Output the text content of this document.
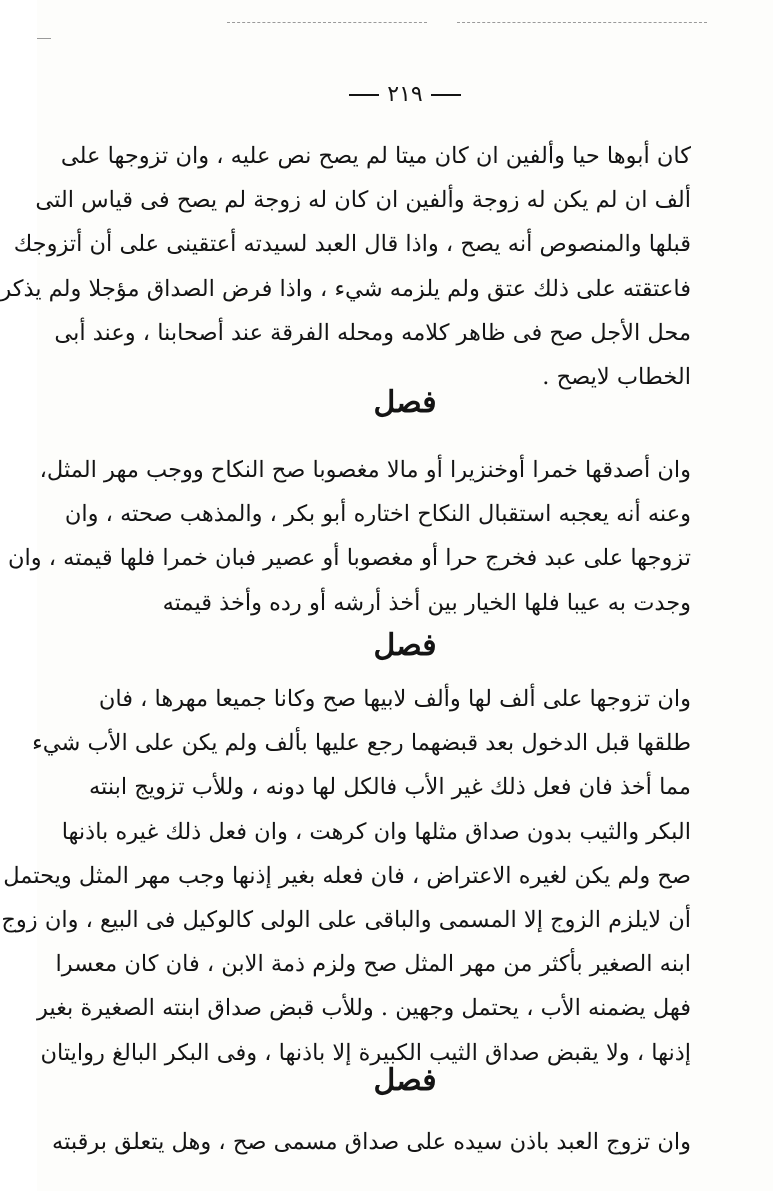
٢١٩
كان أبوها حيا وألفين ان كان ميتا لم يصح نص عليه ، وان تزوجها على
ألف ان لم يكن له زوجة وألفين ان كان له زوجة لم يصح فى قياس التى
قبلها والمنصوص أنه يصح ، واذا قال العبد لسيدته أعتقينى على أن أتزوجك
فاعتقته على ذلك عتق ولم يلزمه شيء ، واذا فرض الصداق مؤجلا ولم يذكر
محل الأجل صح فى ظاهر كلامه ومحله الفرقة عند أصحابنا ، وعند أبى
الخطاب لايصح .
فصل
وان أصدقها خمرا أوخنزيرا أو مالا مغصوبا صح النكاح ووجب مهر المثل،
وعنه أنه يعجبه استقبال النكاح اختاره أبو بكر ، والمذهب صحته ، وان
تزوجها على عبد فخرج حرا أو مغصوبا أو عصير فبان خمرا فلها قيمته ، وان
وجدت به عيبا فلها الخيار بين أخذ أرشه أو رده وأخذ قيمته
فصل
وان تزوجها على ألف لها وألف لابيها صح وكانا جميعا مهرها ، فان
طلقها قبل الدخول بعد قبضهما رجع عليها بألف ولم يكن على الأب شيء
مما أخذ فان فعل ذلك غير الأب فالكل لها دونه ، وللأب تزويج ابنته
البكر والثيب بدون صداق مثلها وان كرهت ، وان فعل ذلك غيره باذنها
صح ولم يكن لغيره الاعتراض ، فان فعله بغير إذنها وجب مهر المثل ويحتمل
أن لايلزم الزوج إلا المسمى والباقى على الولى كالوكيل فى البيع ، وان زوج
ابنه الصغير بأكثر من مهر المثل صح ولزم ذمة الابن ، فان كان معسرا
فهل يضمنه الأب ، يحتمل وجهين . وللأب قبض صداق ابنته الصغيرة بغير
إذنها ، ولا يقبض صداق الثيب الكبيرة إلا باذنها ، وفى البكر البالغ روايتان
فصل
وان تزوج العبد باذن سيده على صداق مسمى صح ، وهل يتعلق برقبته
